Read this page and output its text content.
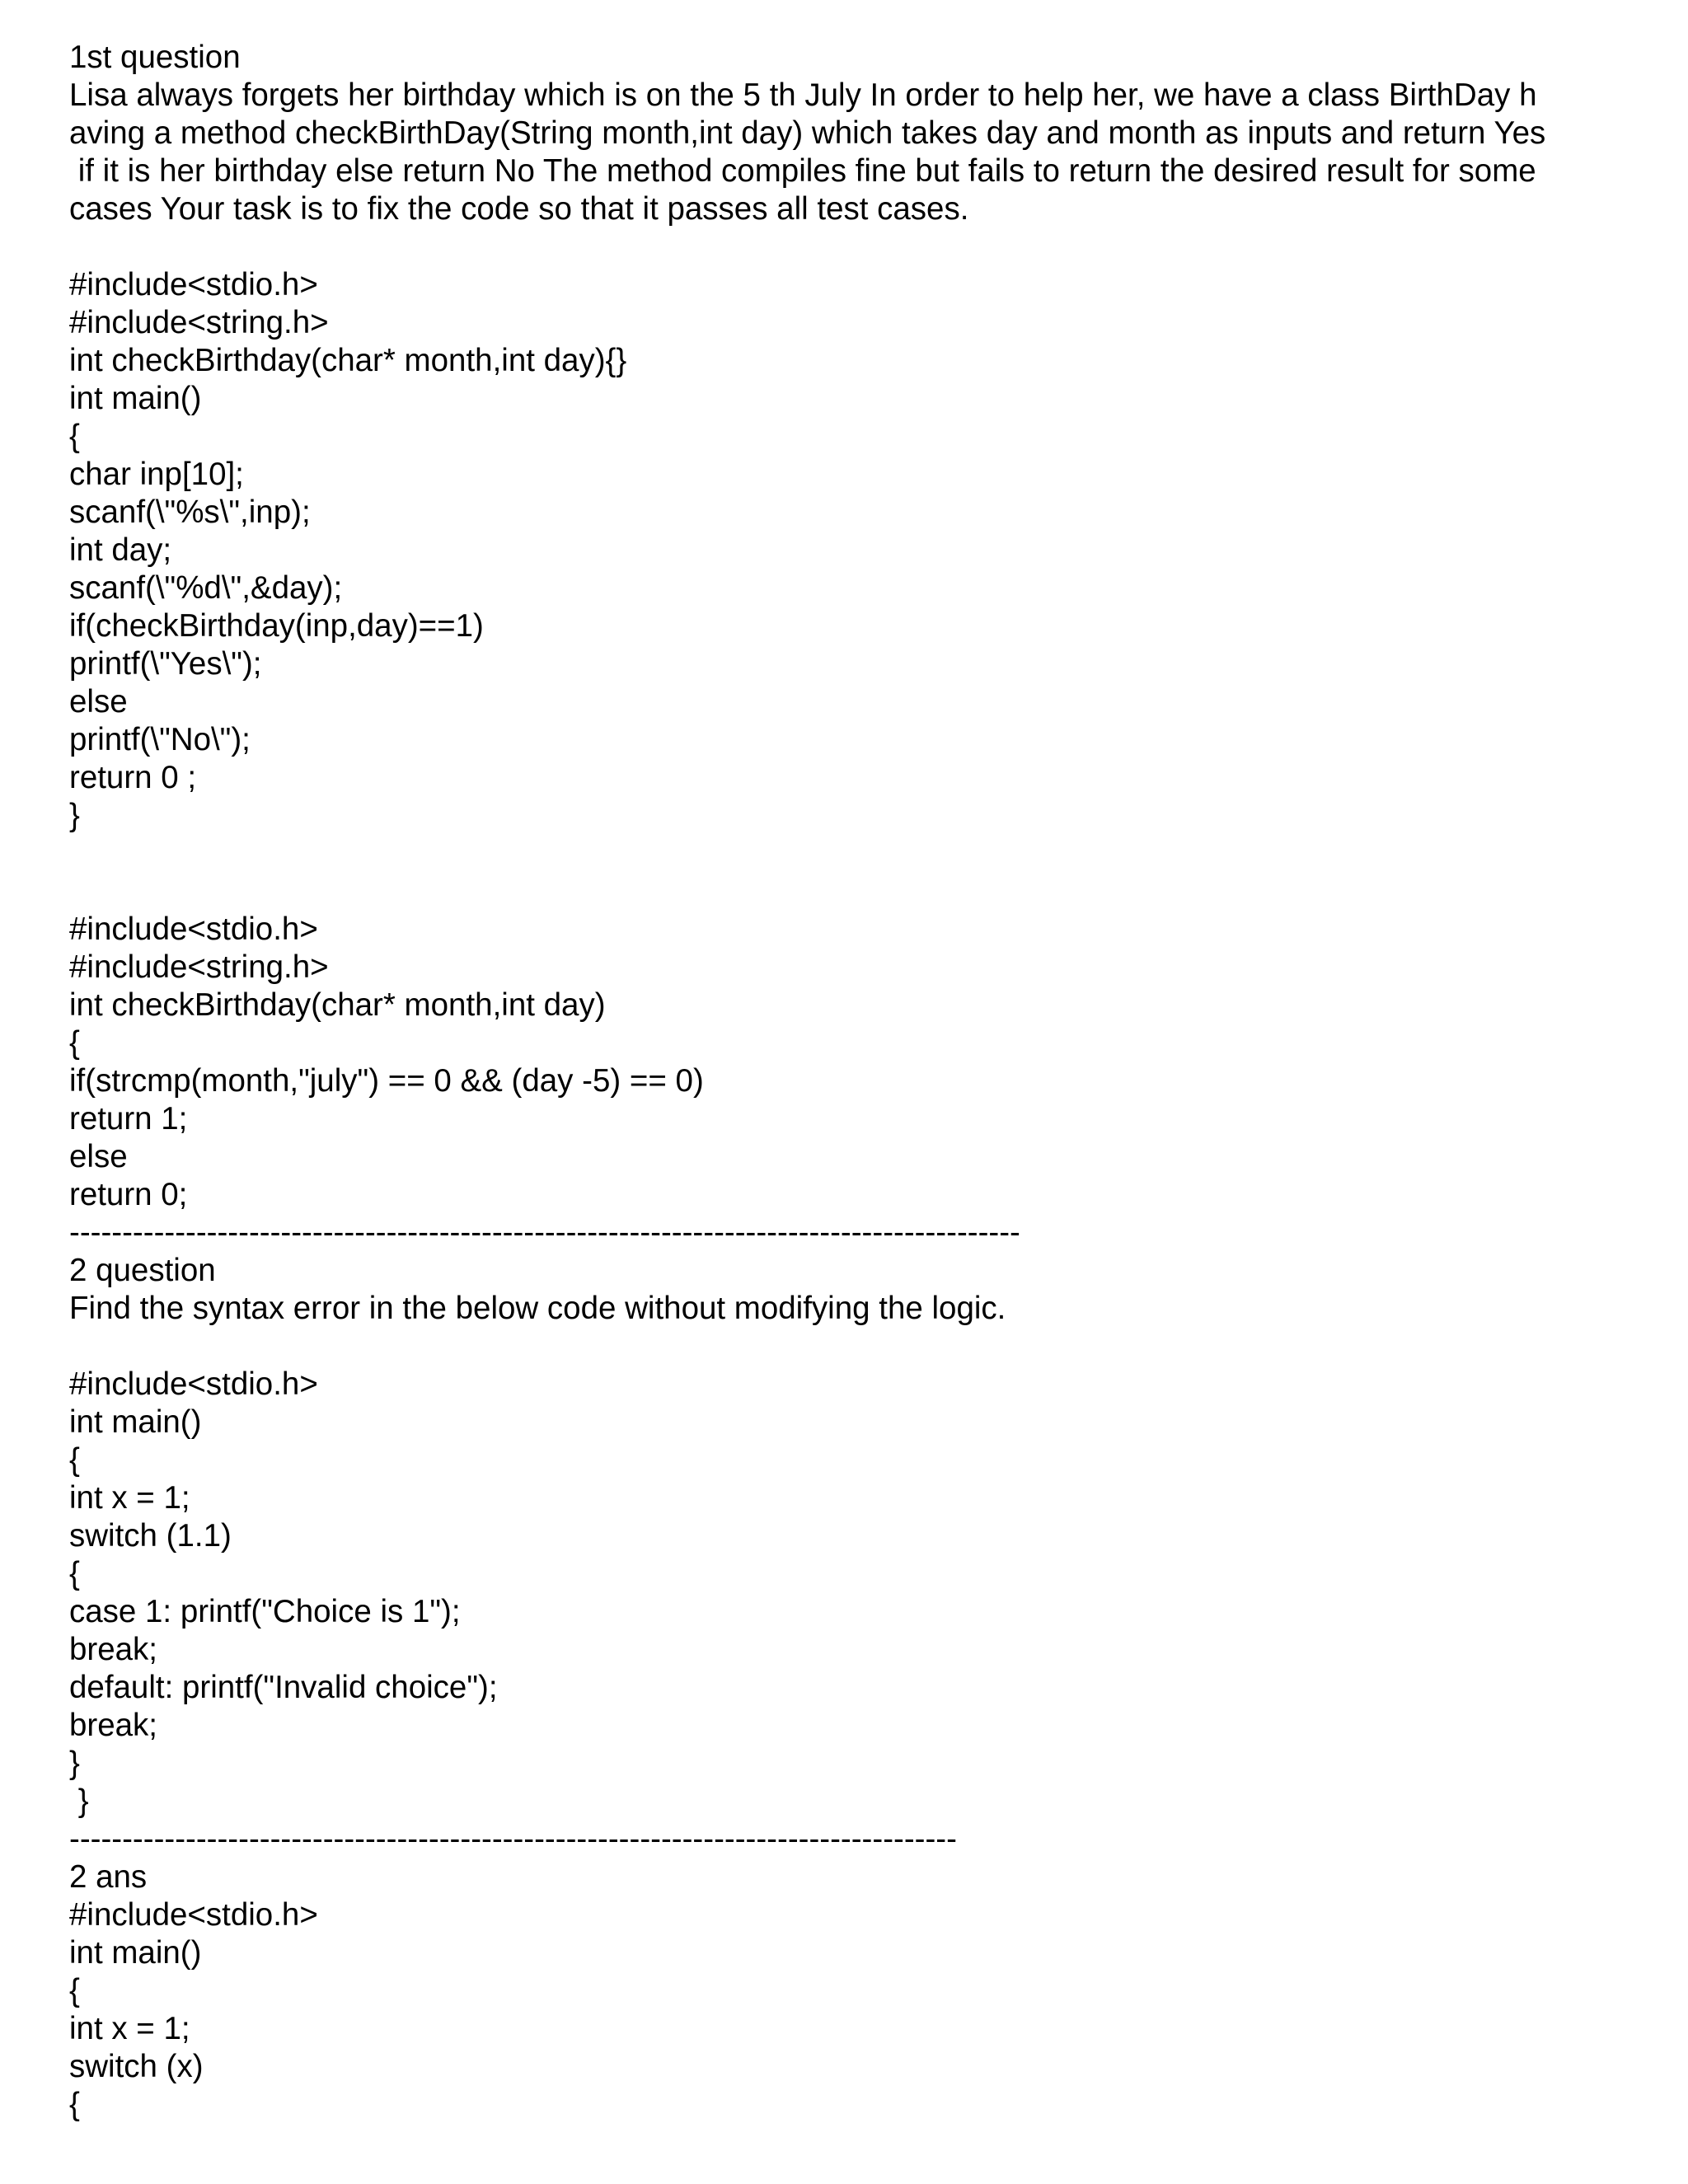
1st question
Lisa always forgets her birthday which is on the 5 th July In order to help her, we have a class BirthDay h
aving a method checkBirthDay(String month,int day) which takes day and month as inputs and return Yes
if it is her birthday else return No The method compiles fine but fails to return the desired result for some
cases Your task is to fix the code so that it passes all test cases.
#include<stdio.h>
#include<string.h>
int checkBirthday(char* month,int day){}
int main()
{
char inp[10];
scanf(\"%s\",inp);
int day;
scanf(\"%d\",&day);
if(checkBirthday(inp,day)==1)
printf(\"Yes\");
else
printf(\"No\");
return 0 ;
}
#include<stdio.h>
#include<string.h>
int checkBirthday(char* month,int day)
{
if(strcmp(month,"july") == 0 && (day -5) == 0)
return 1;
else
return 0;
------------------------------------------------------------------------------------------
2 question
Find the syntax error in the below code without modifying the logic.
#include<stdio.h>
int main()
{
int x = 1;
switch (1.1)
{
case 1: printf("Choice is 1");
break;
default: printf("Invalid choice");
break;
}
}
------------------------------------------------------------------------------------
2 ans
#include<stdio.h>
int main()
{
int x = 1;
switch (x)
{
